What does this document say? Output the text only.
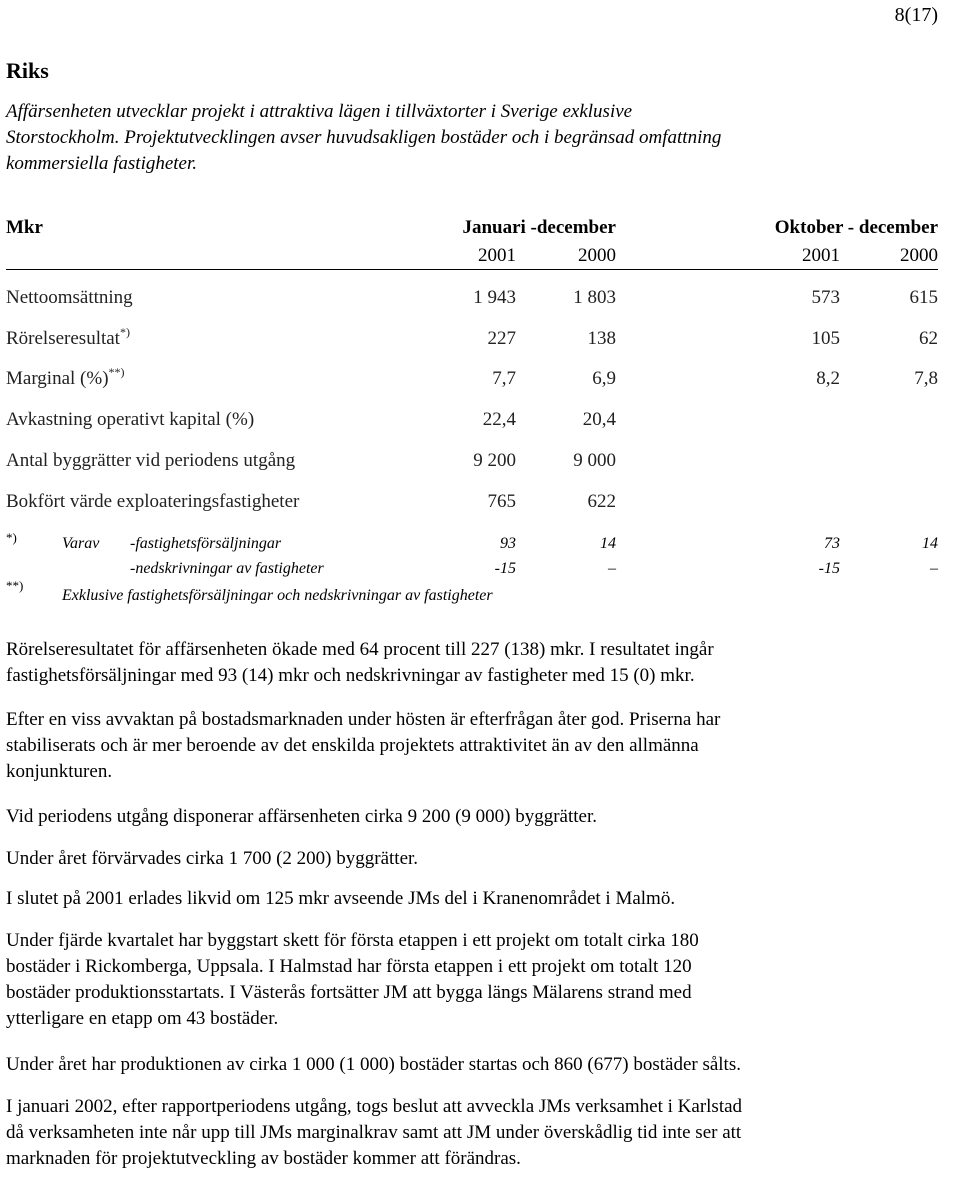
8(17)
Riks
Affärsenheten utvecklar projekt i attraktiva lägen i tillväxtorter i Sverige exklusive
Storstockholm. Projektutvecklingen avser huvudsakligen bostäder och i begränsad omfattning
kommersiella fastigheter.
Mkr	Januari -december	Oktober - december
2001	2000	2001	2000
Nettoomsättning	1 943	1 803	573	615
Rörelseresultat*)	227	138	105	62
Marginal (%)**)	7,7	6,9	8,2	7,8
Avkastning operativt kapital (%)	22,4	20,4
Antal byggrätter vid periodens utgång	9 200	9 000
Bokfört värde exploateringsfastigheter	765	622
*)	Varav -fastighetsförsäljningar	93	14	73	14
-nedskrivningar av fastigheter	-15	–	-15	–
**)
Exklusive fastighetsförsäljningar och nedskrivningar av fastigheter

Rörelseresultatet för affärsenheten ökade med 64 procent till 227 (138) mkr. I resultatet ingår
fastighetsförsäljningar med 93 (14) mkr och nedskrivningar av fastigheter med 15 (0) mkr.

Efter en viss avvaktan på bostadsmarknaden under hösten är efterfrågan åter god. Priserna har
stabiliserats och är mer beroende av det enskilda projektets attraktivitet än av den allmänna
konjunkturen.

Vid periodens utgång disponerar affärsenheten cirka 9 200 (9 000) byggrätter.

Under året förvärvades cirka 1 700 (2 200) byggrätter.

I slutet på 2001 erlades likvid om 125 mkr avseende JMs del i Kranenområdet i Malmö.

Under fjärde kvartalet har byggstart skett för första etappen i ett projekt om totalt cirka 180
bostäder i Rickomberga, Uppsala. I Halmstad har första etappen i ett projekt om totalt 120
bostäder produktionsstartats. I Västerås fortsätter JM att bygga längs Mälarens strand med
ytterligare en etapp om 43 bostäder.

Under året har produktionen av cirka 1 000 (1 000) bostäder startas och 860 (677) bostäder sålts.

I januari 2002, efter rapportperiodens utgång, togs beslut att avveckla JMs verksamhet i Karlstad
då verksamheten inte når upp till JMs marginalkrav samt att JM under överskådlig tid inte ser att
marknaden för projektutveckling av bostäder kommer att förändras.
